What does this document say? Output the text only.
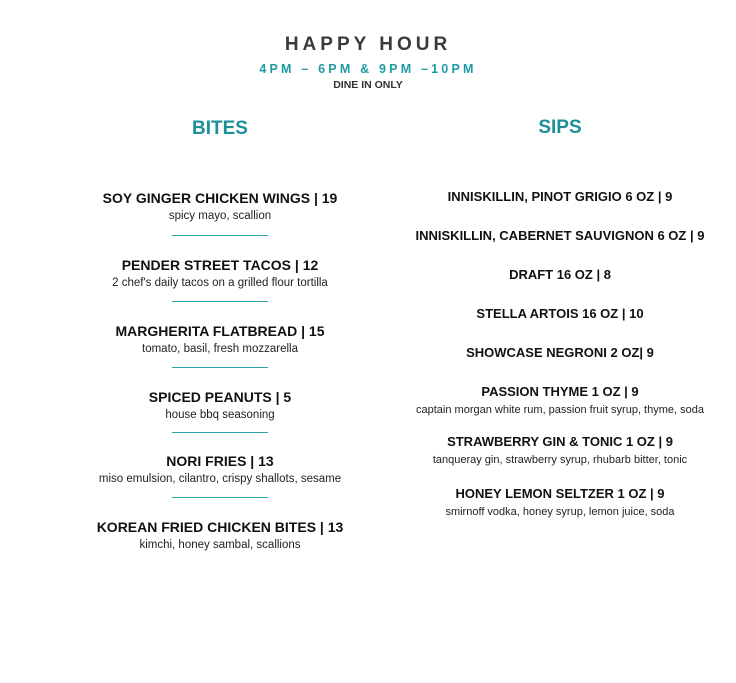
HAPPY HOUR
4PM – 6PM & 9PM –10PM
DINE IN ONLY
BITES
SOY GINGER CHICKEN WINGS | 19
spicy mayo, scallion
PENDER STREET TACOS | 12
2 chef's daily tacos on a grilled flour tortilla
MARGHERITA FLATBREAD | 15
tomato, basil, fresh mozzarella
SPICED PEANUTS | 5
house bbq seasoning
NORI FRIES | 13
miso emulsion, cilantro, crispy shallots, sesame
KOREAN FRIED CHICKEN BITES | 13
kimchi, honey sambal, scallions
SIPS
INNISKILLIN, PINOT GRIGIO 6 OZ | 9
INNISKILLIN, CABERNET SAUVIGNON 6 OZ | 9
DRAFT 16 OZ | 8
STELLA ARTOIS 16 OZ | 10
SHOWCASE NEGRONI 2 OZ| 9
PASSION THYME 1 OZ | 9
captain morgan white rum, passion fruit syrup, thyme, soda
STRAWBERRY GIN & TONIC 1 OZ | 9
tanqueray gin, strawberry syrup, rhubarb bitter, tonic
HONEY LEMON SELTZER 1 OZ | 9
smirnoff vodka, honey syrup, lemon juice, soda
